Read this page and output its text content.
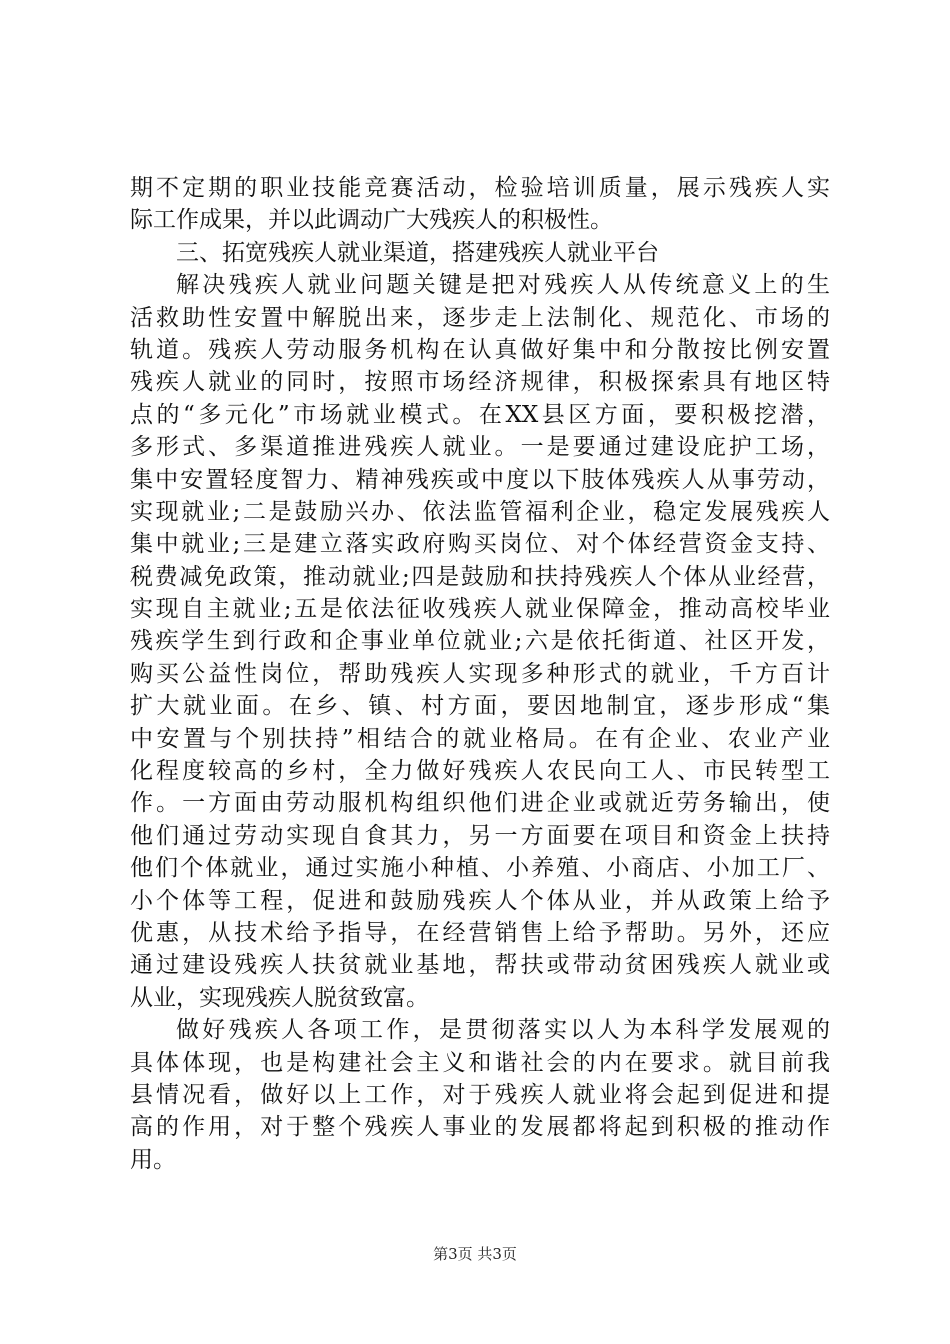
期不定期的职业技能竞赛活动，检验培训质量，展示残疾人实
际工作成果，并以此调动广大残疾人的积极性。
三、拓宽残疾人就业渠道，搭建残疾人就业平台
解决残疾人就业问题关键是把对残疾人从传统意义上的生
活救助性安置中解脱出来，逐步走上法制化、规范化、市场的
轨道。残疾人劳动服务机构在认真做好集中和分散按比例安置
残疾人就业的同时，按照市场经济规律，积极探索具有地区特
点的“多元化”市场就业模式。在XX县区方面，要积极挖潜，
多形式、多渠道推进残疾人就业。一是要通过建设庇护工场，
集中安置轻度智力、精神残疾或中度以下肢体残疾人从事劳动，
实现就业;二是鼓励兴办、依法监管福利企业，稳定发展残疾人
集中就业;三是建立落实政府购买岗位、对个体经营资金支持、
税费减免政策，推动就业;四是鼓励和扶持残疾人个体从业经营，
实现自主就业;五是依法征收残疾人就业保障金，推动高校毕业
残疾学生到行政和企事业单位就业;六是依托街道、社区开发，
购买公益性岗位，帮助残疾人实现多种形式的就业，千方百计
扩大就业面。在乡、镇、村方面，要因地制宜，逐步形成“集
中安置与个别扶持”相结合的就业格局。在有企业、农业产业
化程度较高的乡村，全力做好残疾人农民向工人、市民转型工
作。一方面由劳动服机构组织他们进企业或就近劳务输出，使
他们通过劳动实现自食其力，另一方面要在项目和资金上扶持
他们个体就业，通过实施小种植、小养殖、小商店、小加工厂、
小个体等工程，促进和鼓励残疾人个体从业，并从政策上给予
优惠，从技术给予指导，在经营销售上给予帮助。另外，还应
通过建设残疾人扶贫就业基地，帮扶或带动贫困残疾人就业或
从业，实现残疾人脱贫致富。
做好残疾人各项工作，是贯彻落实以人为本科学发展观的
具体体现，也是构建社会主义和谐社会的内在要求。就目前我
县情况看，做好以上工作，对于残疾人就业将会起到促进和提
高的作用，对于整个残疾人事业的发展都将起到积极的推动作
用。
第3页 共3页
